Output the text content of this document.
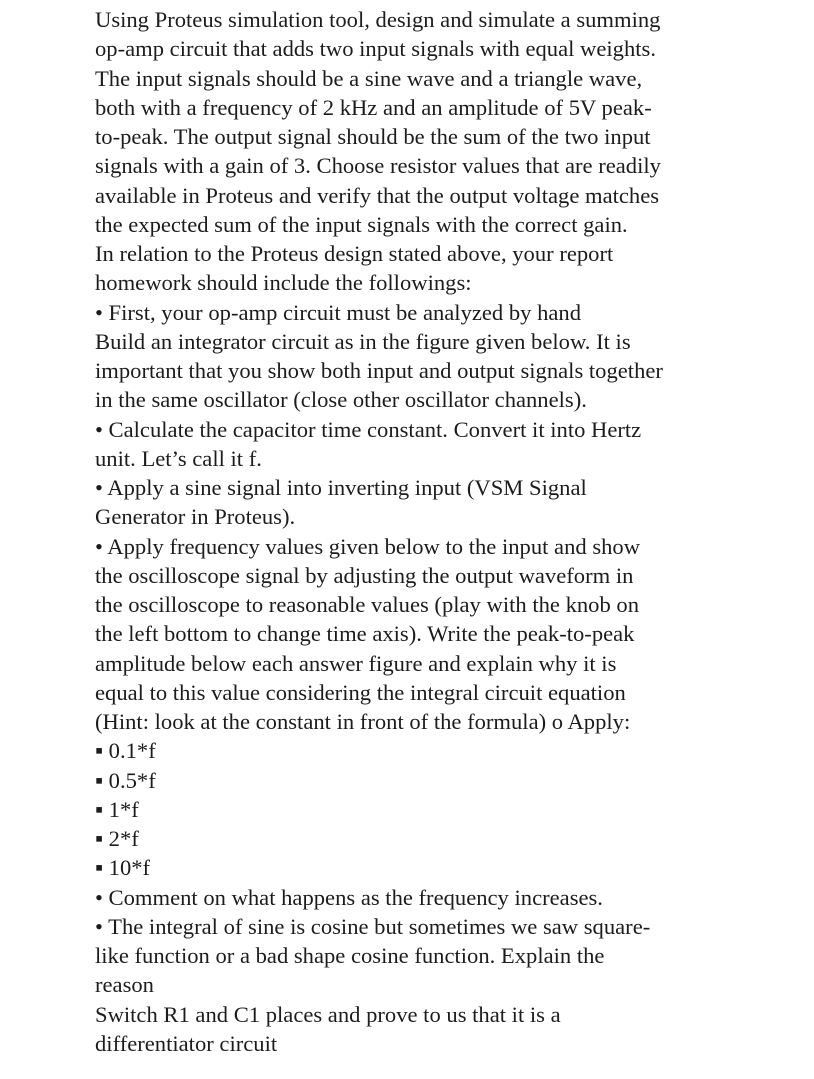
Using Proteus simulation tool, design and simulate a summing
op-amp circuit that adds two input signals with equal weights.
The input signals should be a sine wave and a triangle wave,
both with a frequency of 2 kHz and an amplitude of 5V peak-
to-peak. The output signal should be the sum of the two input
signals with a gain of 3. Choose resistor values that are readily
available in Proteus and verify that the output voltage matches
the expected sum of the input signals with the correct gain.
In relation to the Proteus design stated above, your report
homework should include the followings:
• First, your op-amp circuit must be analyzed by hand
Build an integrator circuit as in the figure given below. It is
important that you show both input and output signals together
in the same oscillator (close other oscillator channels).
• Calculate the capacitor time constant. Convert it into Hertz
unit. Let’s call it f.
• Apply a sine signal into inverting input (VSM Signal
Generator in Proteus).
• Apply frequency values given below to the input and show
the oscilloscope signal by adjusting the output waveform in
the oscilloscope to reasonable values (play with the knob on
the left bottom to change time axis). Write the peak-to-peak
amplitude below each answer figure and explain why it is
equal to this value considering the integral circuit equation
(Hint: look at the constant in front of the formula) o Apply:
▪ 0.1*f
▪ 0.5*f
▪ 1*f
▪ 2*f
▪ 10*f
• Comment on what happens as the frequency increases.
• The integral of sine is cosine but sometimes we saw square-
like function or a bad shape cosine function. Explain the
reason
Switch R1 and C1 places and prove to us that it is a
differentiator circuit
